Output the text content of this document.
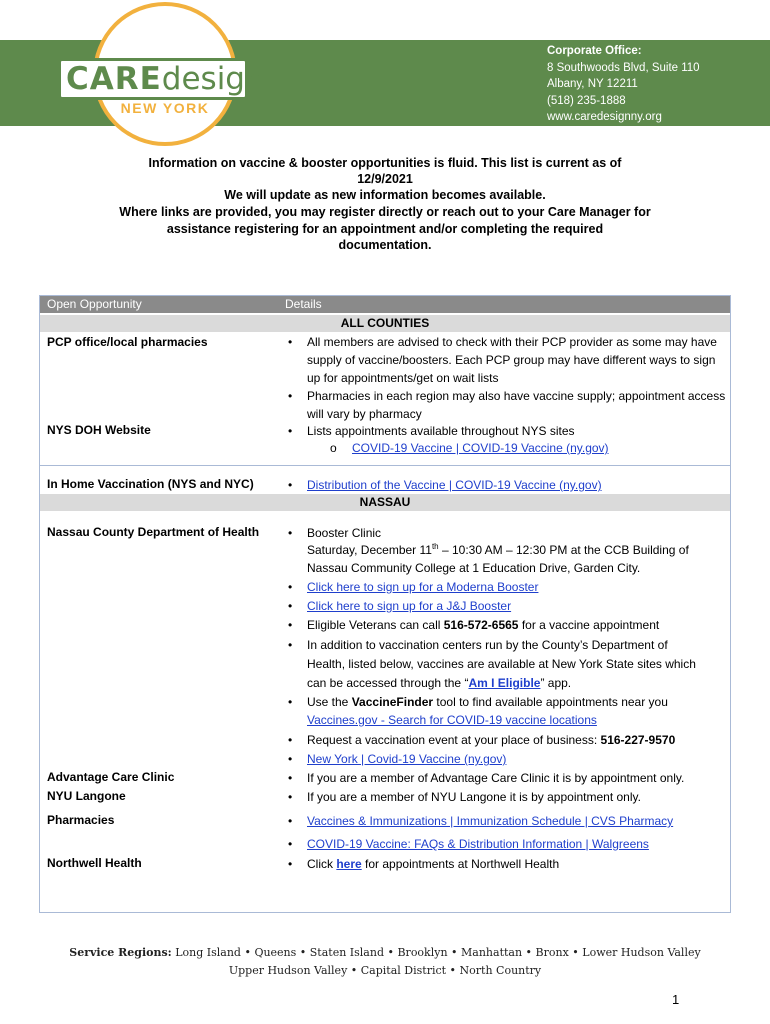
CAREdesign
NEW YORK
Corporate Office:
8 Southwoods Blvd, Suite 110
Albany, NY 12211
(518) 235-1888
www.caredesignny.org
Information on vaccine & booster opportunities is fluid. This list is current as of
12/9/2021
We will update as new information becomes available.
Where links are provided, you may register directly or reach out to your Care Manager for
assistance registering for an appointment and/or completing the required
documentation.
Open Opportunity	Details
ALL COUNTIES
PCP office/local pharmacies	• All members are advised to check with their PCP provider as some may have supply of vaccine/boosters. Each PCP group may have different ways to sign up for appointments/get on wait lists
• Pharmacies in each region may also have vaccine supply; appointment access will vary by pharmacy
NYS DOH Website	• Lists appointments available throughout NYS sites
o COVID-19 Vaccine | COVID-19 Vaccine (ny.gov)
In Home Vaccination (NYS and NYC)	• Distribution of the Vaccine | COVID-19 Vaccine (ny.gov)
NASSAU
Nassau County Department of Health • Booster Clinic
Saturday, December 11th – 10:30 AM – 12:30 PM at the CCB Building of
Nassau Community College at 1 Education Drive, Garden City.
• Click here to sign up for a Moderna Booster
• Click here to sign up for a J&J Booster
• Eligible Veterans can call 516-572-6565 for a vaccine appointment
• In addition to vaccination centers run by the County’s Department of
Health, listed below, vaccines are available at New York State sites which
can be accessed through the “Am I Eligible” app.
• Use the VaccineFinder tool to find available appointments near you
Vaccines.gov - Search for COVID-19 vaccine locations
• Request a vaccination event at your place of business: 516-227-9570
• New York | Covid-19 Vaccine (ny.gov)
Advantage Care Clinic	• If you are a member of Advantage Care Clinic it is by appointment only.
NYU Langone	• If you are a member of NYU Langone it is by appointment only.
Pharmacies	• Vaccines & Immunizations | Immunization Schedule | CVS Pharmacy
• COVID-19 Vaccine: FAQs & Distribution Information | Walgreens
Northwell Health	• Click here for appointments at Northwell Health
Service Regions: Long Island • Queens • Staten Island • Brooklyn • Manhattan • Bronx • Lower Hudson Valley
Upper Hudson Valley • Capital District • North Country
1
